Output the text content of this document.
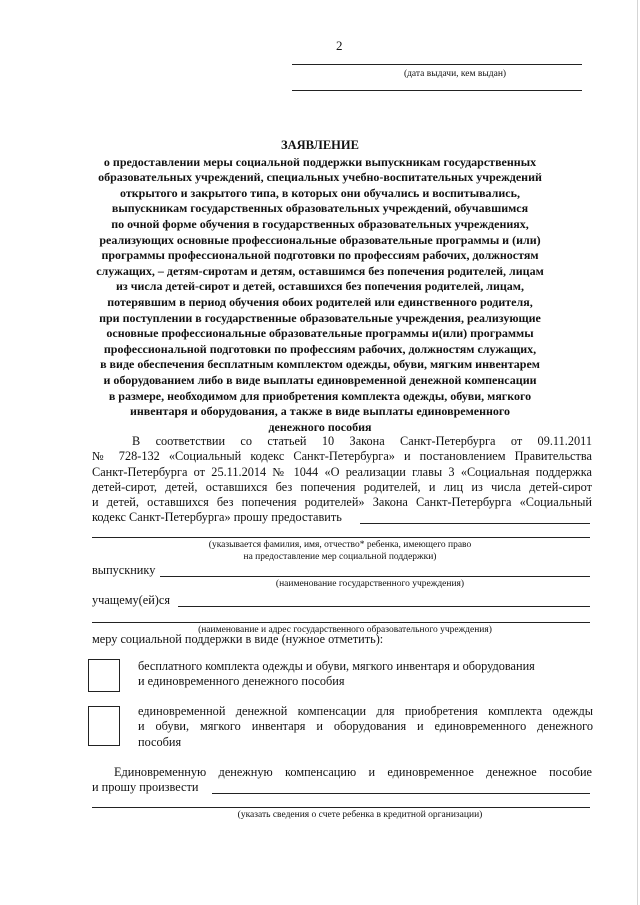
2
(дата выдачи, кем выдан)
ЗАЯВЛЕНИЕ
о предоставлении меры социальной поддержки выпускникам государственных
образовательных учреждений, специальных учебно-воспитательных учреждений
открытого и закрытого типа, в которых они обучались и воспитывались,
выпускникам государственных образовательных учреждений, обучавшимся
по очной форме обучения в государственных образовательных учреждениях,
реализующих основные профессиональные образовательные программы и (или)
программы профессиональной подготовки по профессиям рабочих, должностям
служащих, – детям-сиротам и детям, оставшимся без попечения родителей, лицам
из числа детей-сирот и детей, оставшихся без попечения родителей, лицам,
потерявшим в период обучения обоих родителей или единственного родителя,
при поступлении в государственные образовательные учреждения, реализующие
основные профессиональные образовательные программы и(или) программы
профессиональной подготовки по профессиям рабочих, должностям служащих,
в виде обеспечения бесплатным комплектом одежды, обуви, мягким инвентарем
и оборудованием либо в виде выплаты единовременной денежной компенсации
в размере, необходимом для приобретения комплекта одежды, обуви, мягкого
инвентаря и оборудования, а также в виде выплаты единовременного
денежного пособия
В соответствии со статьей 10 Закона Санкт-Петербурга от 09.11.2011
№ 728-132 «Социальный кодекс Санкт-Петербурга» и постановлением Правительства
Санкт-Петербурга от 25.11.2014 № 1044 «О реализации главы 3 «Социальная поддержка
детей-сирот, детей, оставшихся без попечения родителей, и лиц из числа детей-сирот
и детей, оставшихся без попечения родителей» Закона Санкт-Петербурга «Социальный
кодекс Санкт-Петербурга» прошу предоставить
(указывается фамилия, имя, отчество* ребенка, имеющего право
на предоставление мер социальной поддержки)
выпускнику
(наименование государственного учреждения)
учащему(ей)ся
(наименование и адрес государственного образовательного учреждения)
меру социальной поддержки в виде (нужное отметить):
бесплатного комплекта одежды и обуви, мягкого инвентаря и оборудования
и единовременного денежного пособия
единовременной денежной компенсации для приобретения комплекта одежды
и обуви, мягкого инвентаря и оборудования и единовременного денежного
пособия
Единовременную денежную компенсацию и единовременное денежное пособие
и прошу произвести
(указать сведения о счете ребенка в кредитной организации)
